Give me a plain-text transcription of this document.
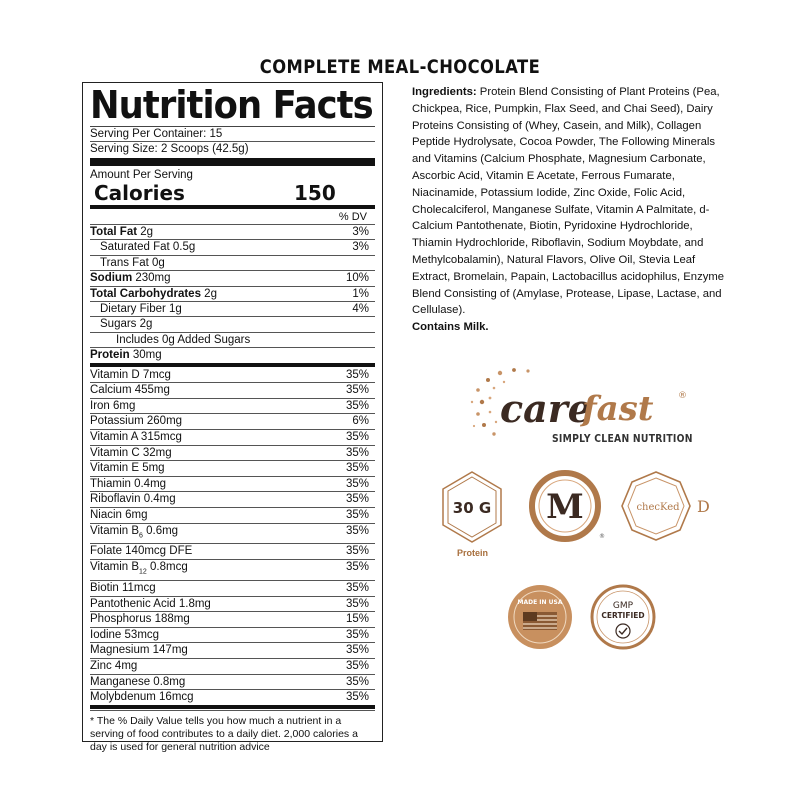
COMPLETE MEAL-CHOCOLATE
Nutrition Facts
Serving Per Container: 15
Serving Size: 2 Scoops (42.5g)
Amount Per Serving
Calories	150
% DV
Total Fat 2g	3%
Saturated Fat 0.5g	3%
Trans Fat 0g
Sodium 230mg	10%
Total Carbohydrates 2g	1%
Dietary Fiber 1g	4%
Sugars 2g
Includes 0g Added Sugars
Protein 30mg
Vitamin D 7mcg	35%
Calcium 455mg	35%
Iron 6mg	35%
Potassium 260mg	6%
Vitamin A 315mcg	35%
Vitamin C 32mg	35%
Vitamin E 5mg	35%
Thiamin 0.4mg	35%
Riboflavin 0.4mg	35%
Niacin 6mg	35%
Vitamin $B_6$ 0.6mg	35%
Folate 140mcg DFE	35%
Vitamin $B_{12}$ 0.8mcg	35%
Biotin 11mcg	35%
Pantothenic Acid 1.8mg	35%
Phosphorus 188mg	15%
Iodine 53mcg	35%
Magnesium 147mg	35%
Zinc 4mg	35%
Manganese 0.8mg	35%
Molybdenum 16mcg	35%
* The % Daily Value tells you how much a nutrient in a serving of food contributes to a daily diet. 2,000 calories a day is used for general nutrition advice
Ingredients: Protein Blend Consisting of Plant Proteins (Pea, Chickpea, Rice, Pumpkin, Flax Seed, and Chai Seed), Dairy Proteins Consisting of (Whey, Casein, and Milk), Collagen Peptide Hydrolysate, Cocoa Powder, The Following Minerals and Vitamins (Calcium Phosphate, Magnesium Carbonate, Ascorbic Acid, Vitamin E Acetate, Ferrous Fumarate, Niacinamide, Potassium Iodide, Zinc Oxide, Folic Acid, Cholecalciferol, Manganese Sulfate, Vitamin A Palmitate, d- Calcium Pantothenate, Biotin, Pyridoxine Hydrochloride, Thiamin Hydrochloride, Riboflavin, Sodium Moybdate, and Methylcobalamin), Natural Flavors, Olive Oil, Stevia Leaf Extract, Bromelain, Papain, Lactobacillus acidophilus, Enzyme Blend Consisting of (Amylase, Protease, Lipase, Lactase, and Cellulase).
Contains Milk.
care
fast	®
SIMPLY CLEAN NUTRITION
30 G
Protein
M
®
checKed D
MADE IN USA	GMP
CERTIFIED
